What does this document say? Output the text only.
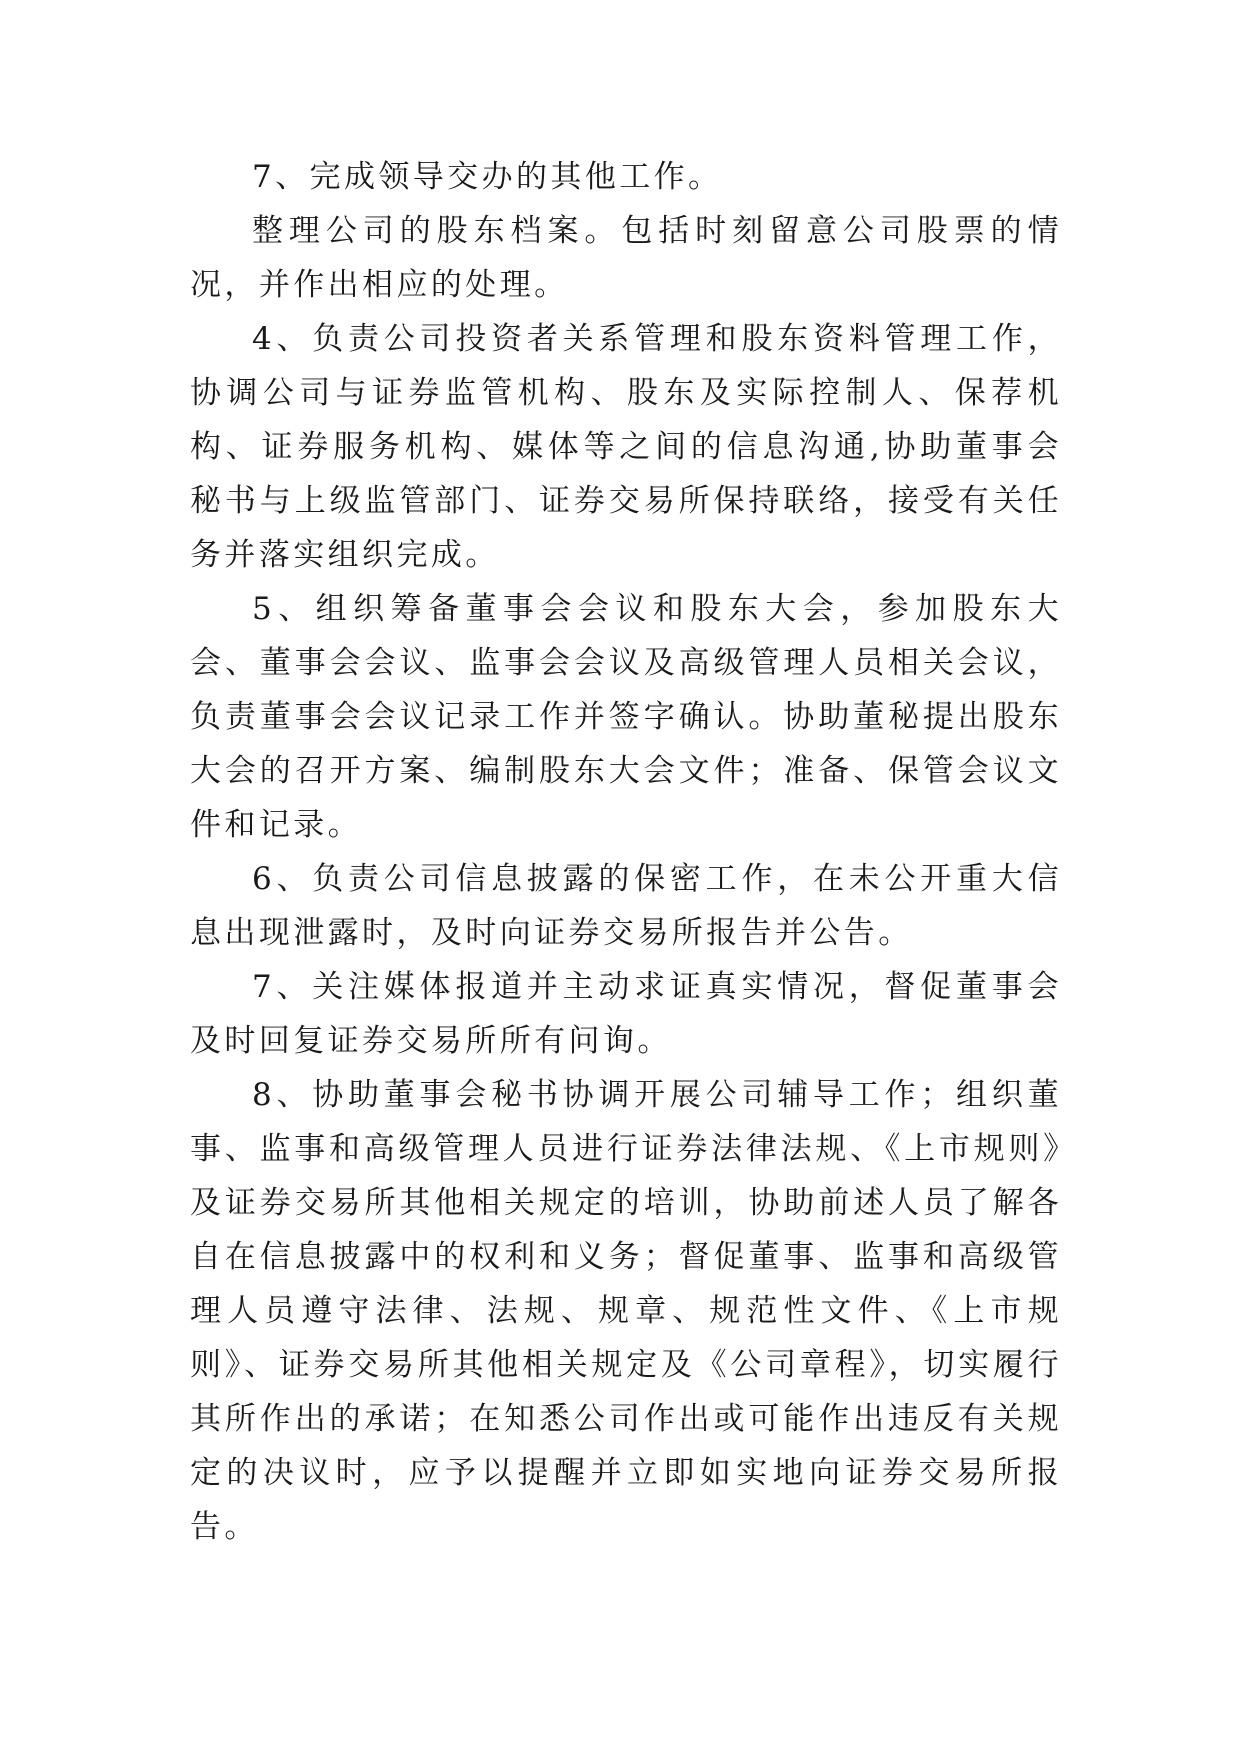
7、完成领导交办的其他工作。

整理公司的股东档案。包括时刻留意公司股票的情况，并作出相应的处理。

4、负责公司投资者关系管理和股东资料管理工作，协调公司与证券监管机构、股东及实际控制人、保荐机构、证券服务机构、媒体等之间的信息沟通,协助董事会秘书与上级监管部门、证券交易所保持联络，接受有关任务并落实组织完成。

5、组织筹备董事会会议和股东大会，参加股东大会、董事会会议、监事会会议及高级管理人员相关会议，负责董事会会议记录工作并签字确认。协助董秘提出股东大会的召开方案、编制股东大会文件；准备、保管会议文件和记录。

6、负责公司信息披露的保密工作，在未公开重大信息出现泄露时，及时向证券交易所报告并公告。

7、关注媒体报道并主动求证真实情况，督促董事会及时回复证券交易所所有问询。

8、协助董事会秘书协调开展公司辅导工作；组织董事、监事和高级管理人员进行证券法律法规、《上市规则》及证券交易所其他相关规定的培训，协助前述人员了解各自在信息披露中的权利和义务；督促董事、监事和高级管理人员遵守法律、法规、规章、规范性文件、《上市规则》、证券交易所其他相关规定及《公司章程》，切实履行其所作出的承诺；在知悉公司作出或可能作出违反有关规定的决议时，应予以提醒并立即如实地向证券交易所报告。
